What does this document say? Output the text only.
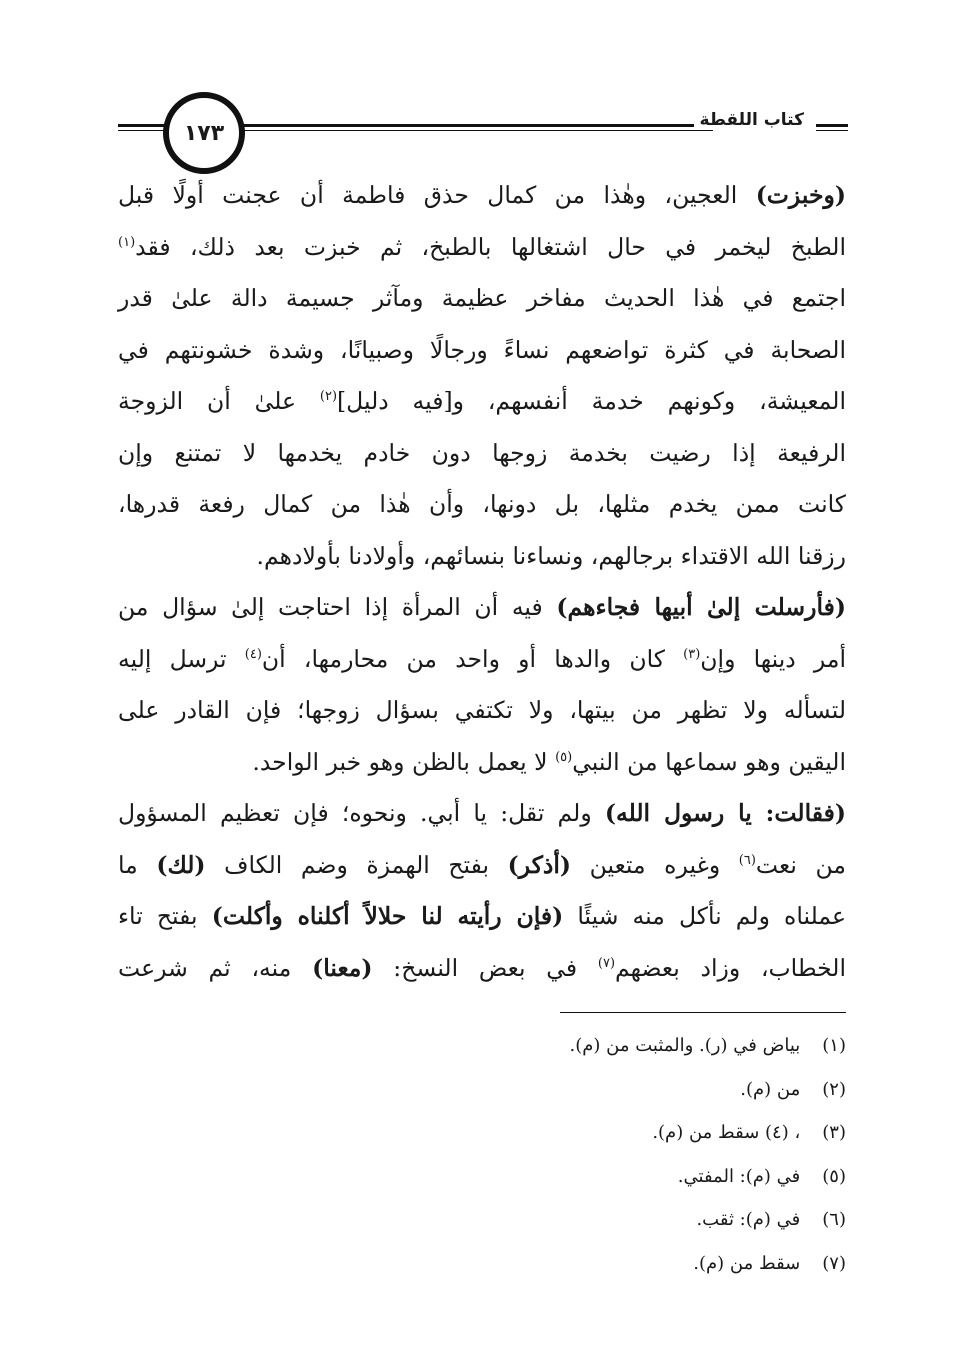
١٧٣
كتاب اللقطة
(وخبزت) العجين، وهٰذا من كمال حذق فاطمة أن عجنت أولًا قبل
الطبخ ليخمر في حال اشتغالها بالطبخ، ثم خبزت بعد ذلك، فقد$^{(١)}$
اجتمع في هٰذا الحديث مفاخر عظيمة ومآثر جسيمة دالة علىٰ قدر
الصحابة في كثرة تواضعهم نساءً ورجالًا وصبيانًا، وشدة خشونتهم في
المعيشة، وكونهم خدمة أنفسهم، و[فيه دليل]$^{(٢)}$ علىٰ أن الزوجة
الرفيعة إذا رضيت بخدمة زوجها دون خادم يخدمها لا تمتنع وإن
كانت ممن يخدم مثلها، بل دونها، وأن هٰذا من كمال رفعة قدرها،
رزقنا الله الاقتداء برجالهم، ونساءنا بنسائهم، وأولادنا بأولادهم.
(فأرسلت إلىٰ أبيها فجاءهم) فيه أن المرأة إذا احتاجت إلىٰ سؤال من
أمر دينها وإن$^{(٣)}$ كان والدها أو واحد من محارمها، أن$^{(٤)}$ ترسل إليه
لتسأله ولا تظهر من بيتها، ولا تكتفي بسؤال زوجها؛ فإن القادر على
اليقين وهو سماعها من النبي$^{(٥)}$ لا يعمل بالظن وهو خبر الواحد.
(فقالت: يا رسول الله) ولم تقل: يا أبي. ونحوه؛ فإن تعظيم المسؤول
من نعت$^{(٦)}$ وغيره متعين (أذكر) بفتح الهمزة وضم الكاف (لك) ما
عملناه ولم نأكل منه شيئًا (فإن رأيته لنا حلالاً أكلناه وأكلت) بفتح تاء
الخطاب، وزاد بعضهم$^{(٧)}$ في بعض النسخ: (معنا) منه، ثم شرعت
(١) بياض في (ر). والمثبت من (م).
(٢) من (م).
(٣) ، (٤) سقط من (م).
(٥) في (م): المفتي.
(٦) في (م): ثقب.
(٧) سقط من (م).
